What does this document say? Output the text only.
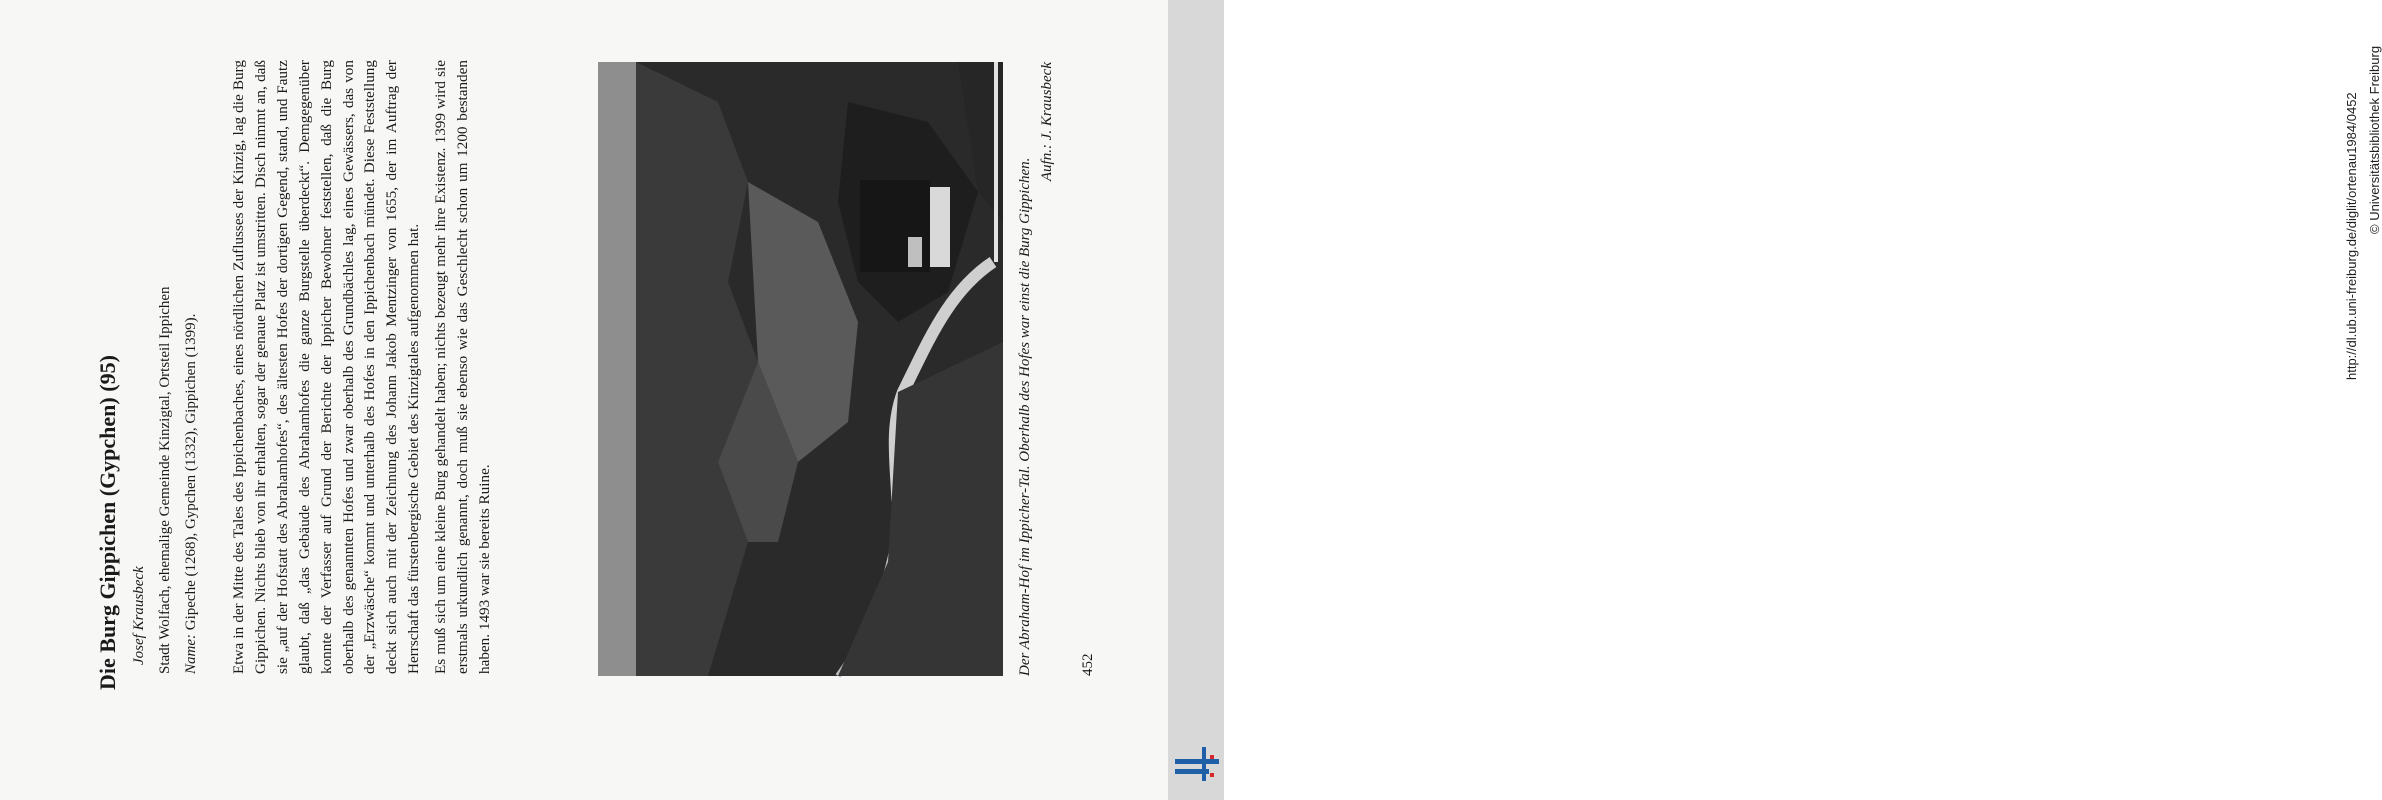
Die Burg Gippichen (Gypchen) (95) Josef Krausbeck Stadt Wolfach, ehemalige Gemeinde Kinzigtal, Ortsteil Ippichen Name: Gipeche (1268), Gypchen (1332), Gippichen (1399). Etwa in der Mitte des Tales des Ippichenbaches, eines nördlichen Zuflusses der Kinzig, lag die Burg Gippichen. Nichts blieb von ihr erhalten, sogar der genaue Platz ist umstritten. Disch nimmt an, daß sie „auf der Hofstatt des Abrahamhofes“, des ältesten Hofes der dortigen Gegend, stand, und Fautz glaubt, daß „das Gebäude des Abrahamhofes die ganze Burgstelle überdeckt“. Demgegenüber konnte der Verfasser auf Grund der Berichte der Ippicher Bewohner feststellen, daß die Burg oberhalb des genannten Hofes und zwar oberhalb des Grundbächles lag, eines Gewässers, das von der „Erzwäsche“ kommt und unterhalb des Hofes in den Ippichenbach mündet. Diese Feststellung deckt sich auch mit der Zeichnung des Johann Jakob Mentzinger von 1655, der im Auftrag der Herrschaft das fürstenbergische Gebiet des Kinzigtales aufgenommen hat. Es muß sich um eine kleine Burg gehandelt haben; nichts bezeugt mehr ihre Existenz. 1399 wird sie erstmals urkundlich genannt, doch muß sie ebenso wie das Geschlecht schon um 1200 bestanden haben. 1493 war sie bereits Ruine.	Der Abraham-Hof im Ippicher-Tal. Oberhalb des Hofes war einst die Burg Gippichen.
Aufn.: J. Krausbeck
452
http://dl.ub.uni-freiburg.de/diglit/ortenau1984/0452 © Universitätsbibliothek Freiburg
